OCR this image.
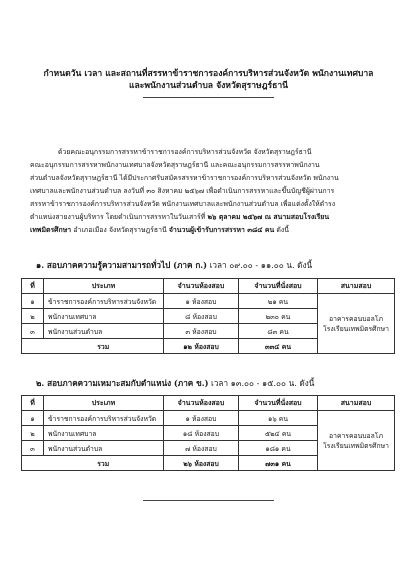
กำหนดวัน เวลา และสถานที่สรรหาข้าราชการองค์การบริหารส่วนจังหวัด พนักงานเทศบาล
และพนักงานส่วนตำบล จังหวัดสุราษฎร์ธานี
ด้วยคณะอนุกรรมการสรรหาข้าราชการองค์การบริหารส่วนจังหวัด จังหวัดสุราษฎร์ธานี
คณะอนุกรรมการสรรหาพนักงานเทศบาลจังหวัดสุราษฎร์ธานี และคณะอนุกรรมการสรรหาพนักงาน
ส่วนตำบลจังหวัดสุราษฎร์ธานี ได้มีประกาศรับสมัครสรรหาข้าราชการองค์การบริหารส่วนจังหวัด พนักงาน
เทศบาลและพนักงานส่วนตำบล ลงวันที่ ๓๐ สิงหาคม ๒๕๖๗ เพื่อดำเนินการสรรหาและขึ้นบัญชีผู้ผ่านการ
สรรหาข้าราชการองค์การบริหารส่วนจังหวัด พนักงานเทศบาลและพนักงานส่วนตำบล เพื่อแต่งตั้งให้ดำรง
ตำแหน่งสายงานผู้บริหาร โดยดำเนินการสรรหาในวันเสาร์ที่ ๒๖ ตุลาคม ๒๕๖๗ ณ สนามสอบโรงเรียน
เทพมิตรศึกษา อำเภอเมือง จังหวัดสุราษฎร์ธานี จำนวนผู้เข้ารับการสรรหา ๓๘๔ คน ดังนี้
๑. สอบภาคความรู้ความสามารถทั่วไป (ภาค ก.) เวลา ๐๙.๐๐ - ๑๑.๐๐ น. ดังนี้
ที่	ประเภท	จำนวนห้องสอบ	จำนวนที่นั่งสอบ	สนามสอบ
๑	ข้าราชการองค์การบริหารส่วนจังหวัด	๑ ห้องสอบ	๒๑ คน	อาคารคอนบอลโภ โรงเรียนเทพมิตรศึกษา
๒	พนักงานเทศบาล	๘ ห้องสอบ	๒๓๐ คน	
๓	พนักงานส่วนตำบล	๓ ห้องสอบ	๘๓ คน	
	รวม	๑๒ ห้องสอบ	๓๓๔ คน	
๒. สอบภาคความเหมาะสมกับตำแหน่ง (ภาค ข.) เวลา ๑๓.๐๐ - ๑๕.๐๐ น. ดังนี้
ที่	ประเภท	จำนวนห้องสอบ	จำนวนที่นั่งสอบ	สนามสอบ
๑	ข้าราชการองค์การบริหารส่วนจังหวัด	๑ ห้องสอบ	๑๖ คน	อาคารคอนบอลโภ โรงเรียนเทพมิตรศึกษา
๒	พนักงานเทศบาล	๑๘ ห้องสอบ	๕๒๔ คน	
๓	พนักงานส่วนตำบล	๗ ห้องสอบ	๑๘๑ คน	
	รวม	๒๖ ห้องสอบ	๗๓๑ คน	
